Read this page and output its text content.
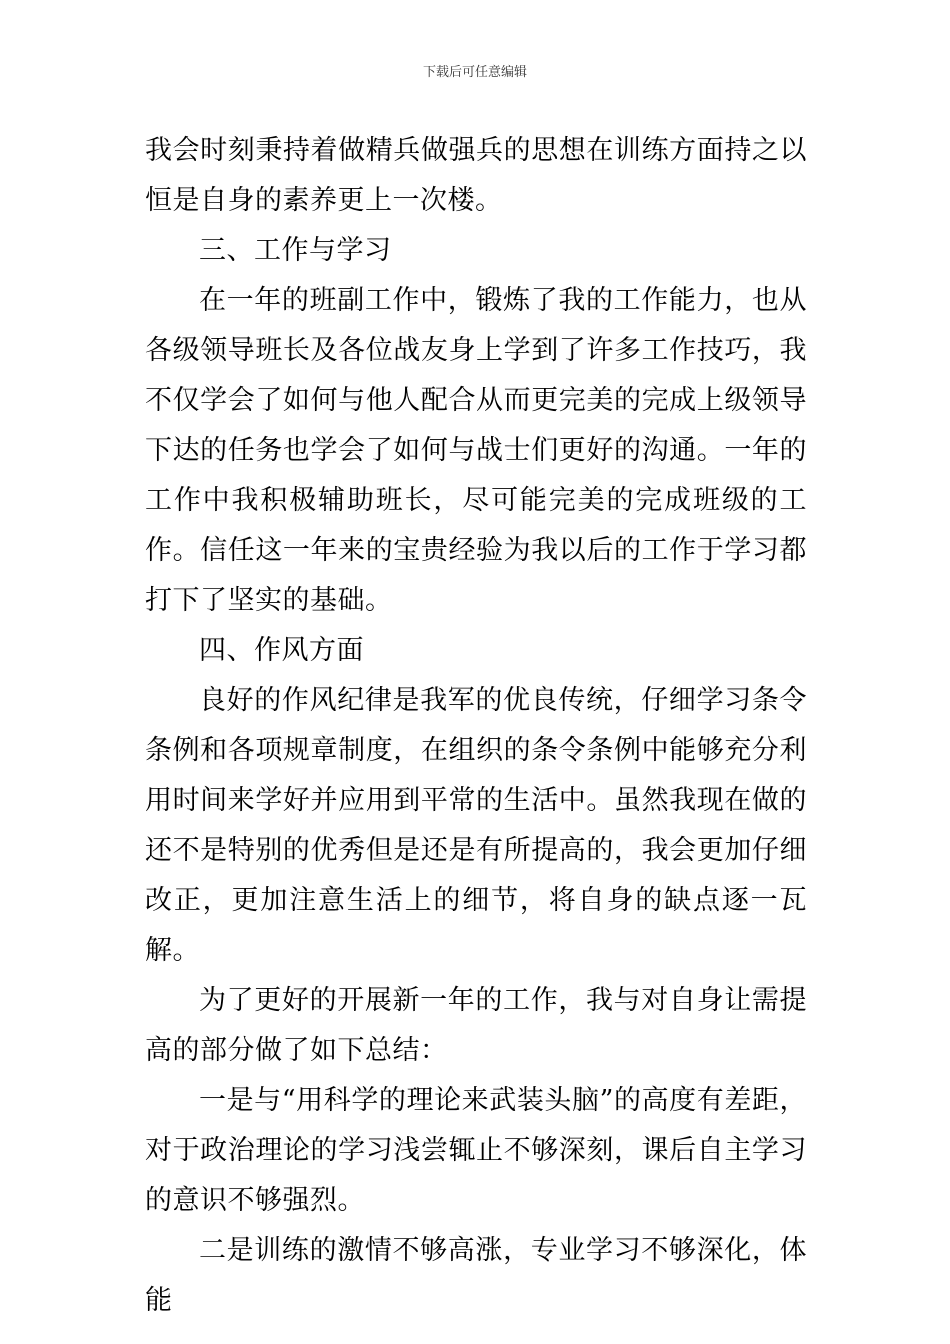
下载后可任意编辑

我会时刻秉持着做精兵做强兵的思想在训练方面持之以恒是自身的素养更上一次楼。

三、工作与学习

在一年的班副工作中，锻炼了我的工作能力，也从各级领导班长及各位战友身上学到了许多工作技巧，我不仅学会了如何与他人配合从而更完美的完成上级领导下达的任务也学会了如何与战士们更好的沟通。一年的工作中我积极辅助班长，尽可能完美的完成班级的工作。信任这一年来的宝贵经验为我以后的工作于学习都打下了坚实的基础。

四、作风方面

良好的作风纪律是我军的优良传统，仔细学习条令条例和各项规章制度，在组织的条令条例中能够充分利用时间来学好并应用到平常的生活中。虽然我现在做的还不是特别的优秀但是还是有所提高的，我会更加仔细改正，更加注意生活上的细节，将自身的缺点逐一瓦解。

为了更好的开展新一年的工作，我与对自身让需提高的部分做了如下总结：

一是与“用科学的理论来武装头脑”的高度有差距，对于政治理论的学习浅尝辄止不够深刻，课后自主学习的意识不够强烈。

二是训练的激情不够高涨，专业学习不够深化，体能
